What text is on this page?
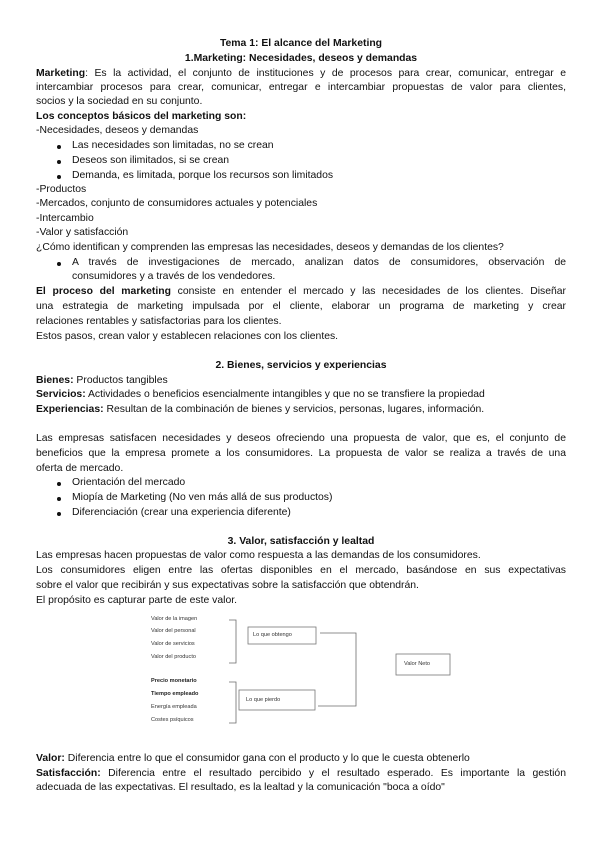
Tema 1: El alcance del Marketing
1.Marketing: Necesidades, deseos y demandas
Marketing: Es la actividad, el conjunto de instituciones y de procesos para crear, comunicar, entregar e
intercambiar procesos para crear, comunicar, entregar e intercambiar propuestas de valor para clientes,
socios y la sociedad en su conjunto.
Los conceptos básicos del marketing son:
-Necesidades, deseos y demandas
Las necesidades son limitadas, no se crean
Deseos son ilimitados, si se crean
Demanda, es limitada, porque los recursos son limitados
-Productos
-Mercados, conjunto de consumidores actuales y potenciales
-Intercambio
-Valor y satisfacción
¿Cómo identifican y comprenden las empresas las necesidades, deseos y demandas de los clientes?
A través de investigaciones de mercado, analizan datos de consumidores, observación de
consumidores y a través de los vendedores.
El proceso del marketing consiste en entender el mercado y las necesidades de los clientes. Diseñar
una estrategia de marketing impulsada por el cliente, elaborar un programa de marketing y crear
relaciones rentables y satisfactorias para los clientes.
Estos pasos, crean valor y establecen relaciones con los clientes.
2. Bienes, servicios y experiencias
Bienes: Productos tangibles
Servicios: Actividades o beneficios esencialmente intangibles y que no se transfiere la propiedad
Experiencias: Resultan de la combinación de bienes y servicios, personas, lugares, información.
Las empresas satisfacen necesidades y deseos ofreciendo una propuesta de valor, que es, el conjunto de
beneficios que la empresa promete a los consumidores. La propuesta de valor se realiza a través de una
oferta de mercado.
Orientación del mercado
Miopía de Marketing (No ven más allá de sus productos)
Diferenciación (crear una experiencia diferente)
3. Valor, satisfacción y lealtad
Las empresas hacen propuestas de valor como respuesta a las demandas de los consumidores.
Los consumidores eligen entre las ofertas disponibles en el mercado, basándose en sus expectativas
sobre el valor que recibirán y sus expectativas sobre la satisfacción que obtendrán.
El propósito es capturar parte de este valor.
Valor de la imagen
Valor del personal
Valor de servicios
Valor del producto
Lo que obtengo
Precio monetario
Tiempo empleado
Energía empleada
Costes psíquicos
Lo que pierdo
Valor Neto
Valor: Diferencia entre lo que el consumidor gana con el producto y lo que le cuesta obtenerlo
Satisfacción: Diferencia entre el resultado percibido y el resultado esperado. Es importante la gestión
adecuada de las expectativas. El resultado, es la lealtad y la comunicación "boca a oído"
